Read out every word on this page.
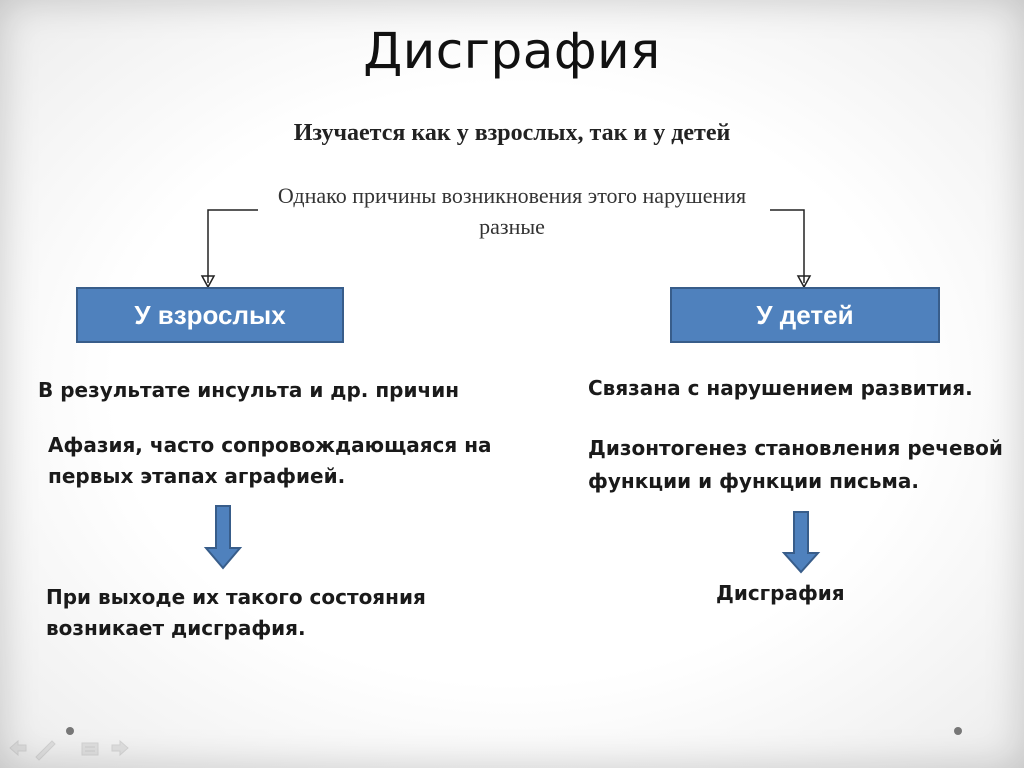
Дисграфия
Изучается как у взрослых, так и у детей
Однако причины возникновения этого нарушения разные
У взрослых	У детей
В результате инсульта и др. причин
Афазия, часто сопровождающаяся на первых этапах аграфией.
При выходе их такого состояния возникает дисграфия.
Связана с нарушением развития.
Дизонтогенез становления речевой функции и функции письма.
Дисграфия
